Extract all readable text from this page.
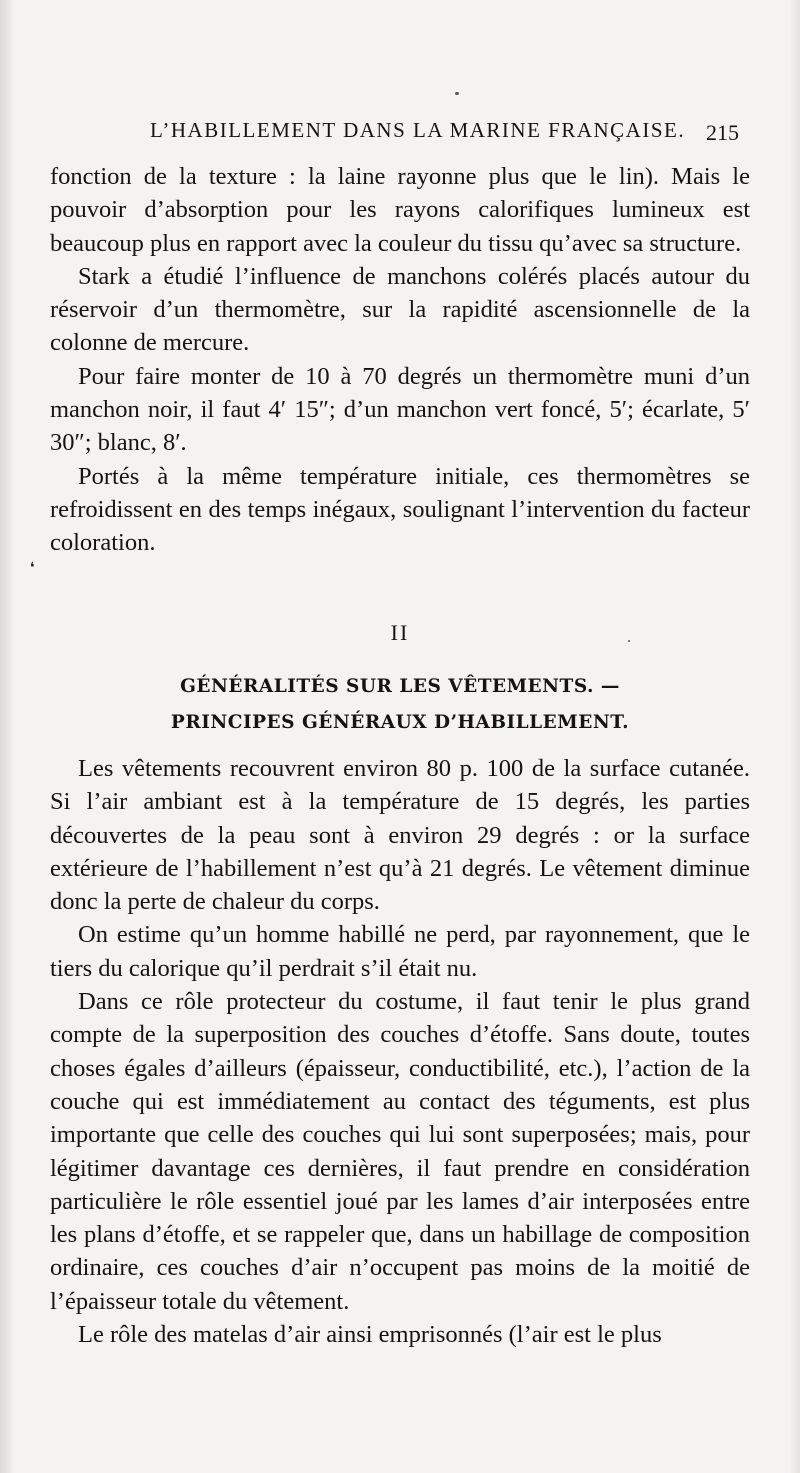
L’HABILLEMENT DANS LA MARINE FRANÇAISE. 215

fonction de la texture : la laine rayonne plus que le lin). Mais le pouvoir d’absorption pour les rayons calorifiques lumineux est beaucoup plus en rapport avec la couleur du tissu qu’avec sa structure.

Stark a étudié l’influence de manchons colérés placés autour du réservoir d’un thermomètre, sur la rapidité ascensionnelle de la colonne de mercure.

Pour faire monter de 10 à 70 degrés un thermomètre muni d’un manchon noir, il faut 4′ 15″; d’un manchon vert foncé, 5′; écarlate, 5′ 30″; blanc, 8′.

Portés à la même température initiale, ces thermomètres se refroidissent en des temps inégaux, soulignant l’intervention du facteur coloration.

❛
II
GÉNÉRALITÉS SUR LES VÊTEMENTS. —
PRINCIPES GÉNÉRAUX D’HABILLEMENT.

Les vêtements recouvrent environ 80 p. 100 de la surface cutanée. Si l’air ambiant est à la température de 15 degrés, les parties découvertes de la peau sont à environ 29 degrés : or la surface extérieure de l’habillement n’est qu’à 21 degrés. Le vêtement diminue donc la perte de chaleur du corps.

On estime qu’un homme habillé ne perd, par rayonnement, que le tiers du calorique qu’il perdrait s’il était nu.

Dans ce rôle protecteur du costume, il faut tenir le plus grand compte de la superposition des couches d’étoffe. Sans doute, toutes choses égales d’ailleurs (épaisseur, conductibilité, etc.), l’action de la couche qui est immédiatement au contact des téguments, est plus importante que celle des couches qui lui sont superposées; mais, pour légitimer davantage ces dernières, il faut prendre en considération particulière le rôle essentiel joué par les lames d’air interposées entre les plans d’étoffe, et se rappeler que, dans un habillage de composition ordinaire, ces couches d’air n’occupent pas moins de la moitié de l’épaisseur totale du vêtement.

Le rôle des matelas d’air ainsi emprisonnés (l’air est le plus
